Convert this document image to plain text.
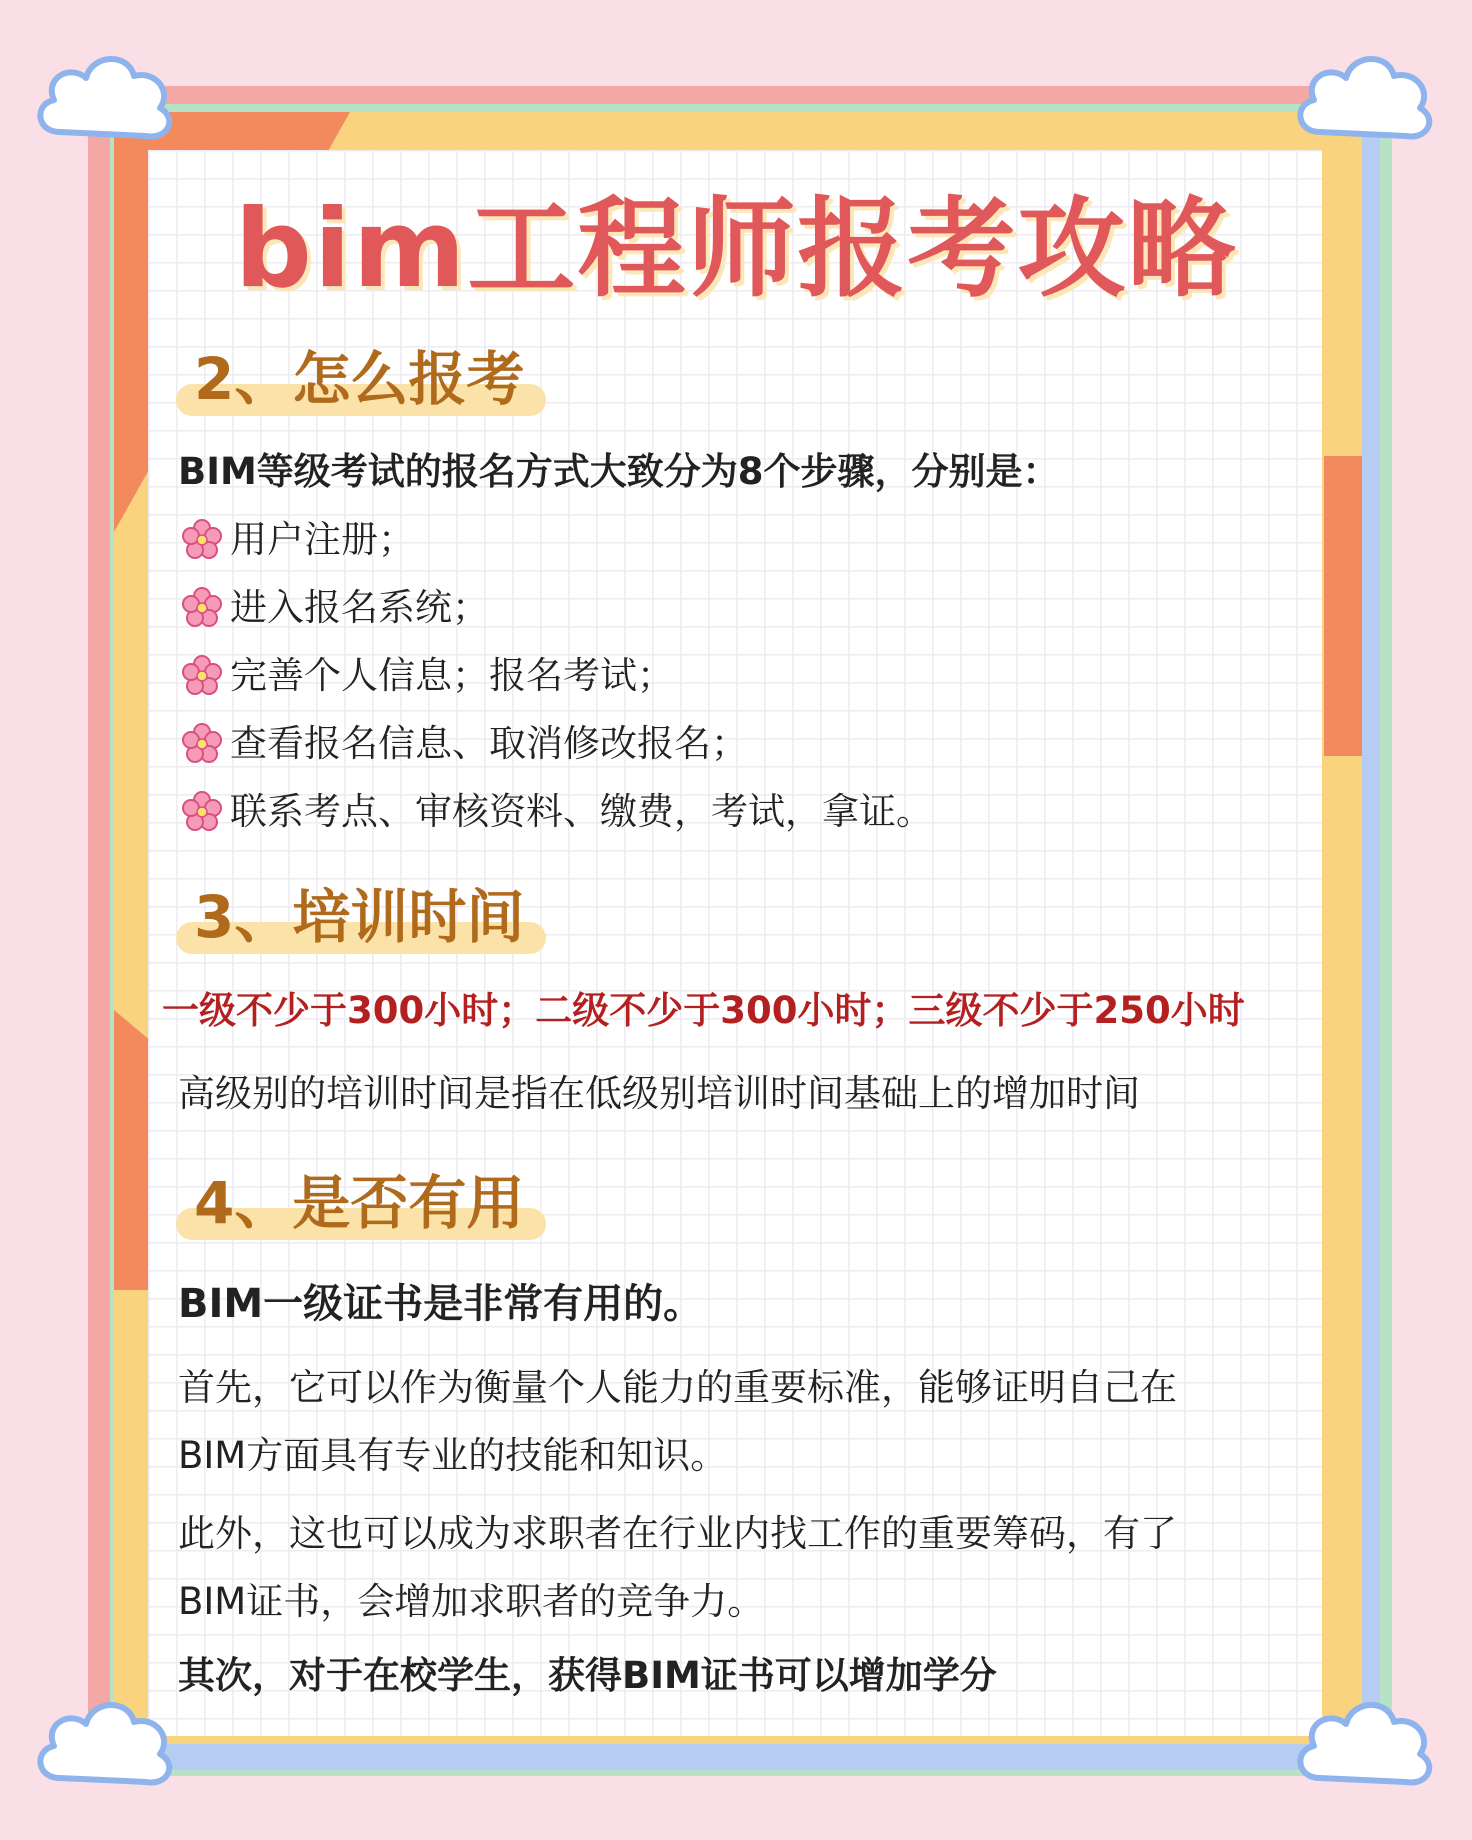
bim工程师报考攻略
2、怎么报考
BIM等级考试的报名方式大致分为8个步骤，分别是：
用户注册；
进入报名系统；
完善个人信息；报名考试；
查看报名信息、取消修改报名；
联系考点、审核资料、缴费，考试，拿证。
3、培训时间
一级不少于300小时；二级不少于300小时；三级不少于250小时
高级别的培训时间是指在低级别培训时间基础上的增加时间
4、是否有用
BIM一级证书是非常有用的。
首先，它可以作为衡量个人能力的重要标准，能够证明自己在
BIM方面具有专业的技能和知识。
此外，这也可以成为求职者在行业内找工作的重要筹码，有了
BIM证书，会增加求职者的竞争力。
其次，对于在校学生，获得BIM证书可以增加学分
